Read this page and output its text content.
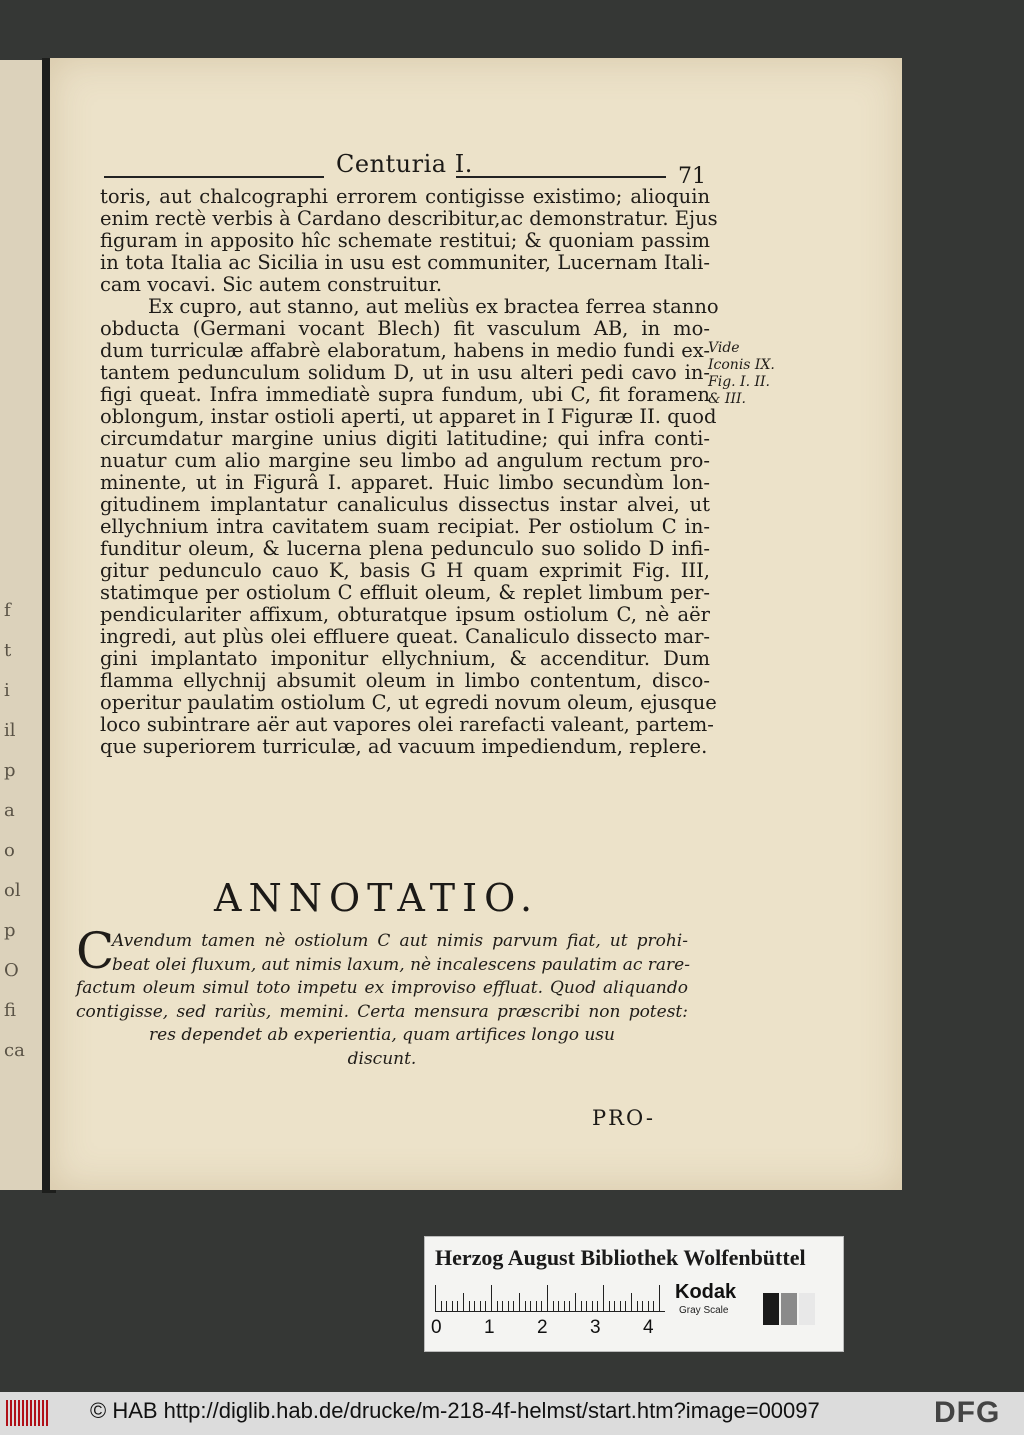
f
t
i
il
p
a
o
ol
p
O
fi
ca
Centuria I.	71
toris, aut chalcographi errorem contigisse existimo; alioquin
enim rectè verbis à Cardano describitur,ac demonstratur. Ejus
figuram in apposito hîc schemate restitui; & quoniam passim
in tota Italia ac Sicilia in usu est communiter, Lucernam Itali-
cam vocavi. Sic autem construitur.
Ex cupro, aut stanno, aut meliùs ex bractea ferrea stanno
obducta (Germani vocant Blech) fit vasculum AB, in mo-
dum turriculæ affabrè elaboratum, habens in medio fundi ex-
tantem pedunculum solidum D, ut in usu alteri pedi cavo in-
figi queat. Infra immediatè supra fundum, ubi C, fit foramen
oblongum, instar ostioli aperti, ut apparet in I Figuræ II. quod
circumdatur margine unius digiti latitudine; qui infra conti-
nuatur cum alio margine seu limbo ad angulum rectum pro-
minente, ut in Figurâ I. apparet. Huic limbo secundùm lon-
gitudinem implantatur canaliculus dissectus instar alvei, ut
ellychnium intra cavitatem suam recipiat. Per ostiolum C in-
funditur oleum, & lucerna plena pedunculo suo solido D infi-
gitur pedunculo cauo K, basis G H quam exprimit Fig. III,
statimque per ostiolum C effluit oleum, & replet limbum per-
pendiculariter affixum, obturatque ipsum ostiolum C, nè aër
ingredi, aut plùs olei effluere queat. Canaliculo dissecto mar-
gini implantato imponitur ellychnium, & accenditur. Dum
flamma ellychnij absumit oleum in limbo contentum, disco-
operitur paulatim ostiolum C, ut egredi novum oleum, ejusque
loco subintrare aër aut vapores olei rarefacti valeant, partem-
que superiorem turriculæ, ad vacuum impediendum, replere.
Vide
Iconis IX.
Fig. I. II.
& III.
ANNOTATIO.
C
Avendum tamen nè ostiolum C aut nimis parvum fiat, ut prohi-
beat olei fluxum, aut nimis laxum, nè incalescens paulatim ac rare-
factum oleum simul toto impetu ex improviso effluat. Quod aliquando
contigisse, sed rariùs, memini. Certa mensura præscribi non potest:
res dependet ab experientia, quam artifices longo usu
discunt.
PRO-
Herzog August Bibliothek Wolfenbüttel
Kodak
Gray Scale
0 1 2 3 4
© HAB http://diglib.hab.de/drucke/m-218-4f-helmst/start.htm?image=00097	DFG
